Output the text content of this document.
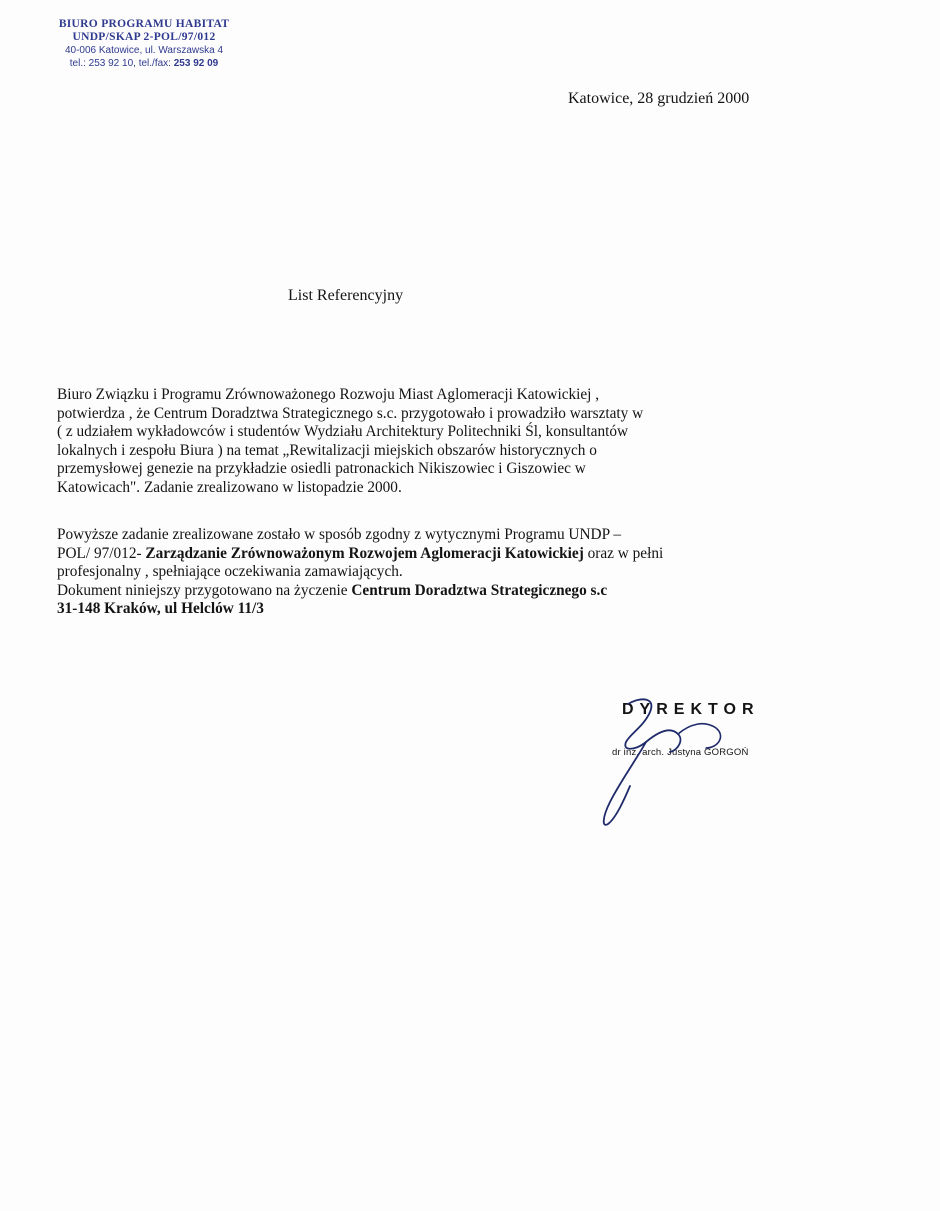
BIURO PROGRAMU HABITAT
UNDP/SKAP 2-POL/97/012
40-006 Katowice, ul. Warszawska 4
tel.: 253 92 10, tel./fax: 253 92 09
Katowice, 28 grudzień 2000
List Referencyjny
Biuro Związku i Programu Zrównoważonego Rozwoju Miast Aglomeracji Katowickiej ,
potwierdza , że Centrum Doradztwa Strategicznego s.c. przygotowało i prowadziło warsztaty w
( z udziałem wykładowców i studentów Wydziału Architektury Politechniki Śl, konsultantów
lokalnych i zespołu Biura ) na temat „Rewitalizacji miejskich obszarów historycznych o
przemysłowej genezie na przykładzie osiedli patronackich Nikiszowiec i Giszowiec w
Katowicach". Zadanie zrealizowano w listopadzie 2000.
Powyższe zadanie zrealizowane zostało w sposób zgodny z wytycznymi Programu UNDP –
POL/ 97/012- Zarządzanie Zrównoważonym Rozwojem Aglomeracji Katowickiej oraz w pełni
profesjonalny , spełniające oczekiwania zamawiających.
Dokument niniejszy przygotowano na życzenie Centrum Doradztwa Strategicznego s.c
31-148 Kraków, ul Helclów 11/3
DYREKTOR
dr inż. arch. Justyna GORGOŃ
